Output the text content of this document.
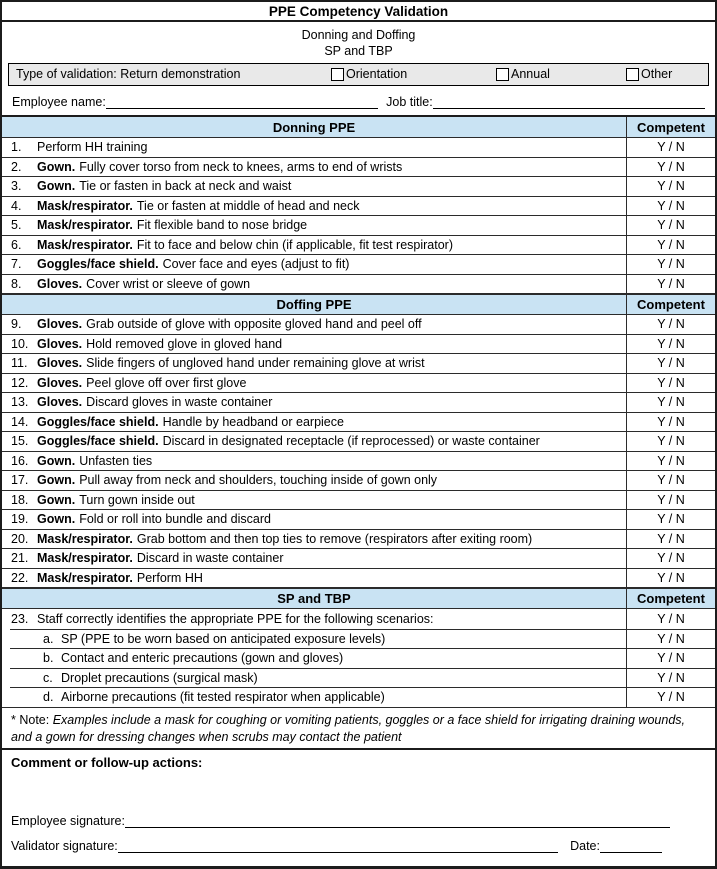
PPE Competency Validation
Donning and Doffing
SP and TBP
Type of validation: Return demonstration	Orientation	Annual	Other
Employee name:	Job title:
Donning PPE	Competent
1.	Perform HH training	Y / N
2.	Gown. Fully cover torso from neck to knees, arms to end of wrists	Y / N
3.	Gown. Tie or fasten in back at neck and waist	Y / N
4.	Mask/respirator. Tie or fasten at middle of head and neck	Y / N
5.	Mask/respirator. Fit flexible band to nose bridge	Y / N
6.	Mask/respirator. Fit to face and below chin (if applicable, fit test respirator)	Y / N
7.	Goggles/face shield. Cover face and eyes (adjust to fit)	Y / N
8.	Gloves. Cover wrist or sleeve of gown	Y / N
Doffing PPE	Competent
9.	Gloves. Grab outside of glove with opposite gloved hand and peel off	Y / N
10. Gloves. Hold removed glove in gloved hand	Y / N
11. Gloves. Slide fingers of ungloved hand under remaining glove at wrist	Y / N
12. Gloves. Peel glove off over first glove	Y / N
13. Gloves. Discard gloves in waste container	Y / N
14. Goggles/face shield. Handle by headband or earpiece	Y / N
15. Goggles/face shield. Discard in designated receptacle (if reprocessed) or waste container	Y / N
16. Gown. Unfasten ties	Y / N
17. Gown. Pull away from neck and shoulders, touching inside of gown only	Y / N
18. Gown. Turn gown inside out	Y / N
19. Gown. Fold or roll into bundle and discard	Y / N
20. Mask/respirator. Grab bottom and then top ties to remove (respirators after exiting room)	Y / N
21. Mask/respirator. Discard in waste container	Y / N
22. Mask/respirator. Perform HH	Y / N
SP and TBP	Competent
23. Staff correctly identifies the appropriate PPE for the following scenarios:	Y / N
a. SP (PPE to be worn based on anticipated exposure levels)	Y / N
b. Contact and enteric precautions (gown and gloves)	Y / N
c. Droplet precautions (surgical mask)	Y / N
d. Airborne precautions (fit tested respirator when applicable)	Y / N
* Note: Examples include a mask for coughing or vomiting patients, goggles or a face shield for irrigating draining wounds, and a gown for dressing changes when scrubs may contact the patient
Comment or follow-up actions:
Employee signature:
Validator signature:	Date:
